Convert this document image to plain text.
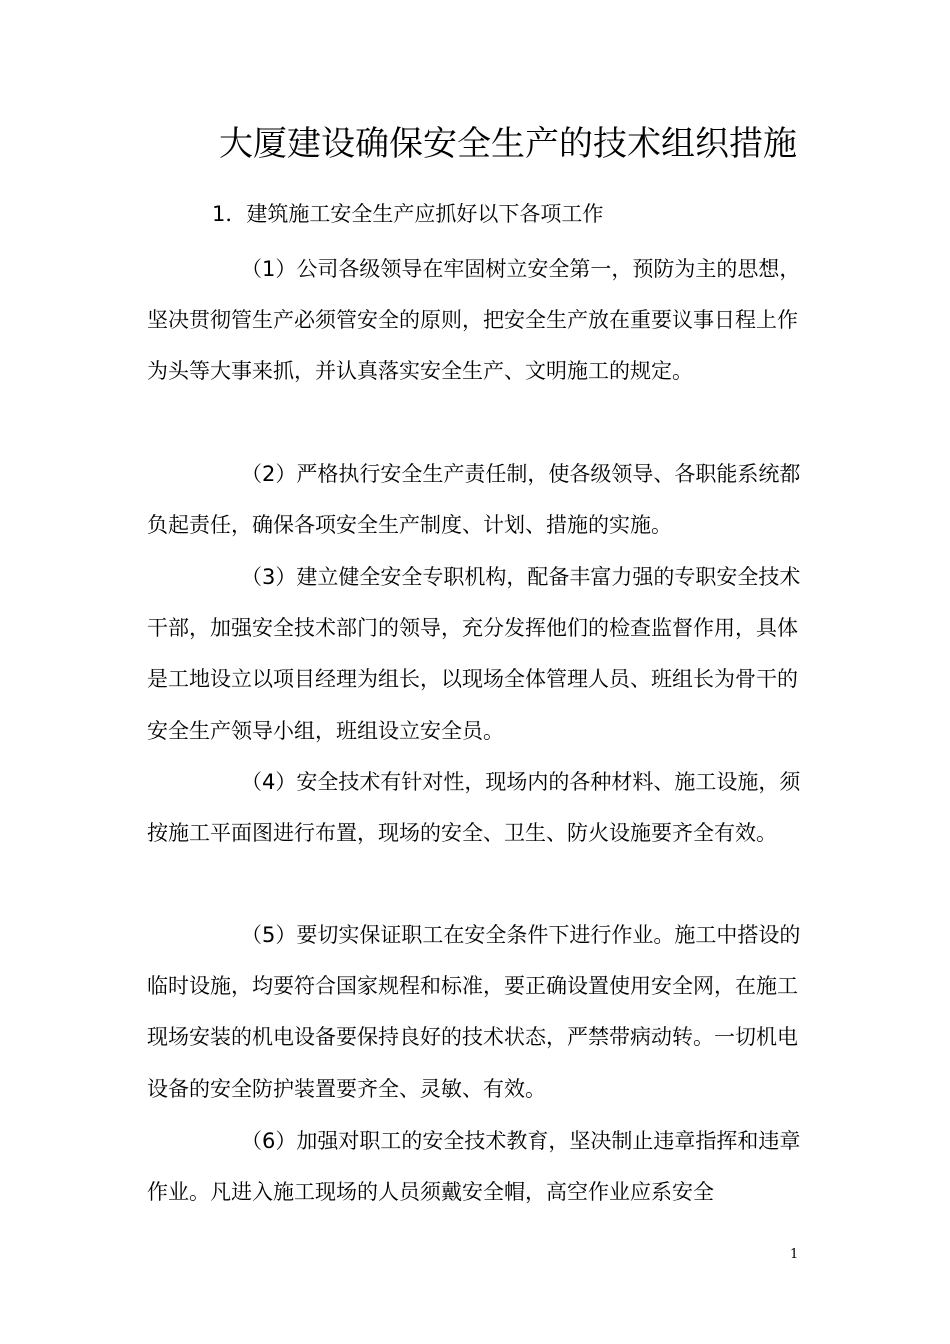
大厦建设确保安全生产的技术组织措施
1．建筑施工安全生产应抓好以下各项工作

（1）公司各级领导在牢固树立安全第一，预防为主的思想，坚决贯彻管生产必须管安全的原则，把安全生产放在重要议事日程上作为头等大事来抓，并认真落实安全生产、文明施工的规定。

（2）严格执行安全生产责任制，使各级领导、各职能系统都负起责任，确保各项安全生产制度、计划、措施的实施。

（3）建立健全安全专职机构，配备丰富力强的专职安全技术干部，加强安全技术部门的领导，充分发挥他们的检查监督作用，具体是工地设立以项目经理为组长，以现场全体管理人员、班组长为骨干的安全生产领导小组，班组设立安全员。

（4）安全技术有针对性，现场内的各种材料、施工设施，须按施工平面图进行布置，现场的安全、卫生、防火设施要齐全有效。

（5）要切实保证职工在安全条件下进行作业。施工中搭设的临时设施，均要符合国家规程和标准，要正确设置使用安全网，在施工现场安装的机电设备要保持良好的技术状态，严禁带病动转。一切机电设备的安全防护装置要齐全、灵敏、有效。

（6）加强对职工的安全技术教育，坚决制止违章指挥和违章作业。凡进入施工现场的人员须戴安全帽，高空作业应系安全

1
